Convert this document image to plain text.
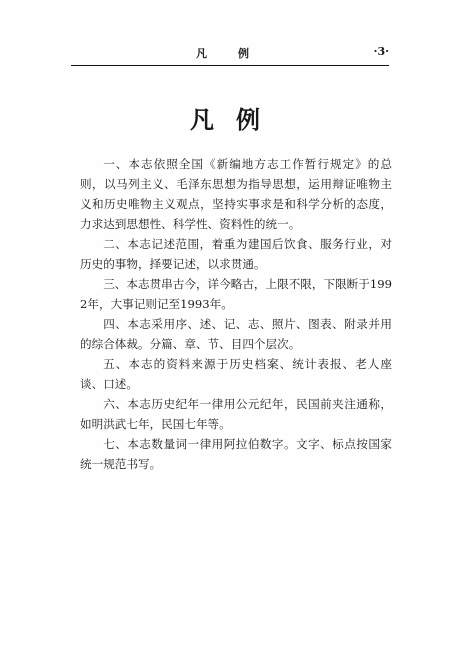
凡　例	·3·
凡例

一、本志依照全国《新编地方志工作暂行规定》的总则，以马列主义、毛泽东思想为指导思想，运用辩证唯物主义和历史唯物主义观点，坚持实事求是和科学分析的态度，力求达到思想性、科学性、资料性的统一。

二、本志记述范围，着重为建国后饮食、服务行业，对历史的事物，择要记述，以求贯通。

三、本志贯串古今，详今略古，上限不限，下限断于1992年，大事记则记至1993年。

四、本志采用序、述、记、志、照片、图表、附录并用的综合体裁。分篇、章、节、目四个层次。

五、本志的资料来源于历史档案、统计表报、老人座谈、口述。

六、本志历史纪年一律用公元纪年，民国前夹注通称，如明洪武七年，民国七年等。

七、本志数量词一律用阿拉伯数字。文字、标点按国家统一规范书写。
